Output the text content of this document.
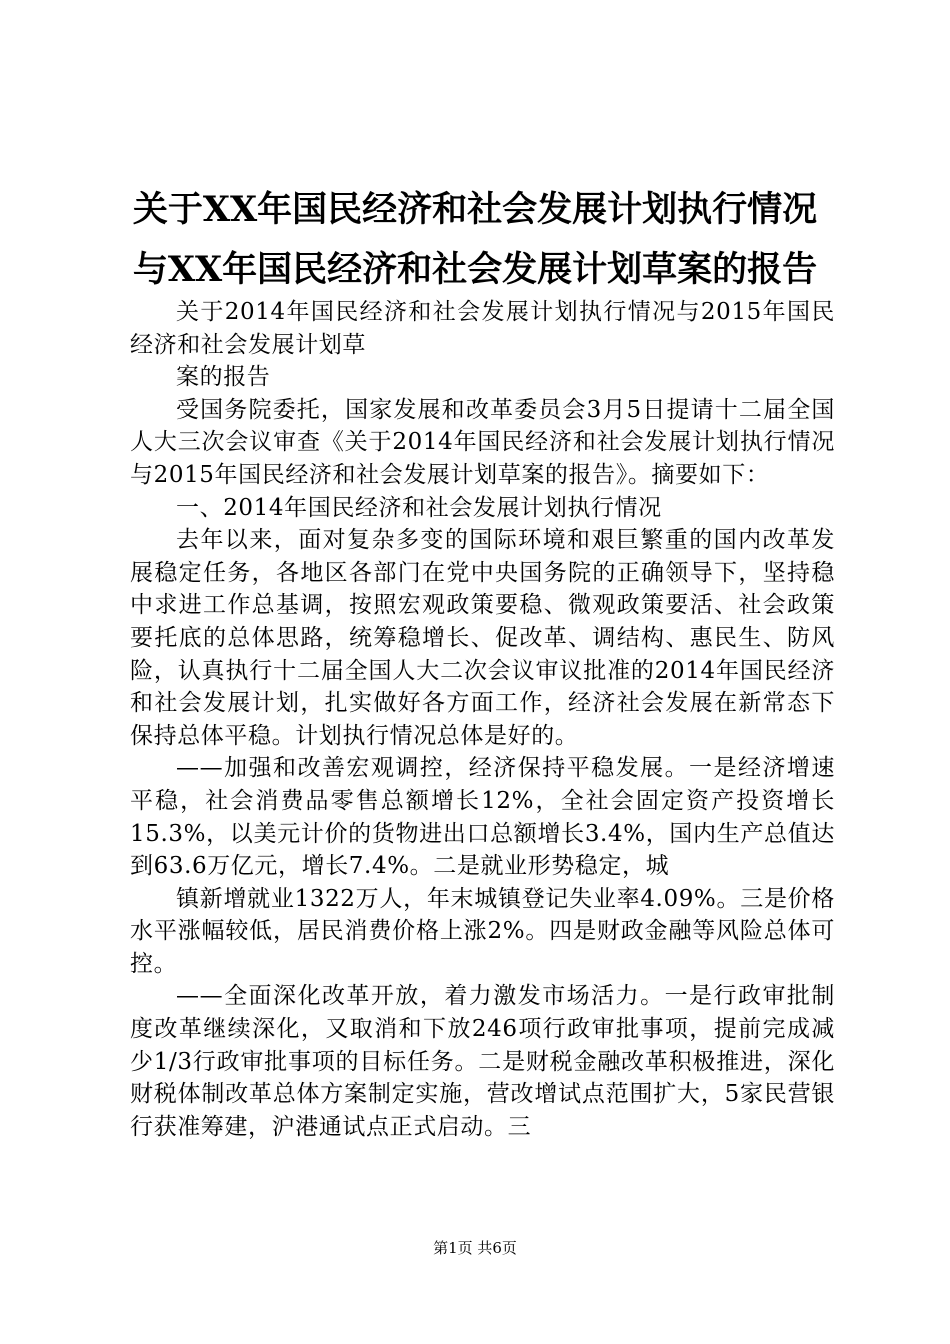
关于XX年国民经济和社会发展计划执行情况
与XX年国民经济和社会发展计划草案的报告

关于2014年国民经济和社会发展计划执行情况与2015年国民经济和社会发展计划草

案的报告

受国务院委托，国家发展和改革委员会3月5日提请十二届全国人大三次会议审查《关于2014年国民经济和社会发展计划执行情况与2015年国民经济和社会发展计划草案的报告》。摘要如下：

一、2014年国民经济和社会发展计划执行情况

去年以来，面对复杂多变的国际环境和艰巨繁重的国内改革发展稳定任务，各地区各部门在党中央国务院的正确领导下，坚持稳中求进工作总基调，按照宏观政策要稳、微观政策要活、社会政策要托底的总体思路，统筹稳增长、促改革、调结构、惠民生、防风险，认真执行十二届全国人大二次会议审议批准的2014年国民经济和社会发展计划，扎实做好各方面工作，经济社会发展在新常态下保持总体平稳。计划执行情况总体是好的。

——加强和改善宏观调控，经济保持平稳发展。一是经济增速平稳，社会消费品零售总额增长12%，全社会固定资产投资增长15.3%，以美元计价的货物进出口总额增长3.4%，国内生产总值达到63.6万亿元，增长7.4%。二是就业形势稳定，城

镇新增就业1322万人，年末城镇登记失业率4.09%。三是价格水平涨幅较低，居民消费价格上涨2%。四是财政金融等风险总体可控。

——全面深化改革开放，着力激发市场活力。一是行政审批制度改革继续深化，又取消和下放246项行政审批事项，提前完成减少1/3行政审批事项的目标任务。二是财税金融改革积极推进，深化财税体制改革总体方案制定实施，营改增试点范围扩大，5家民营银行获准筹建，沪港通试点正式启动。三

第1页 共6页
